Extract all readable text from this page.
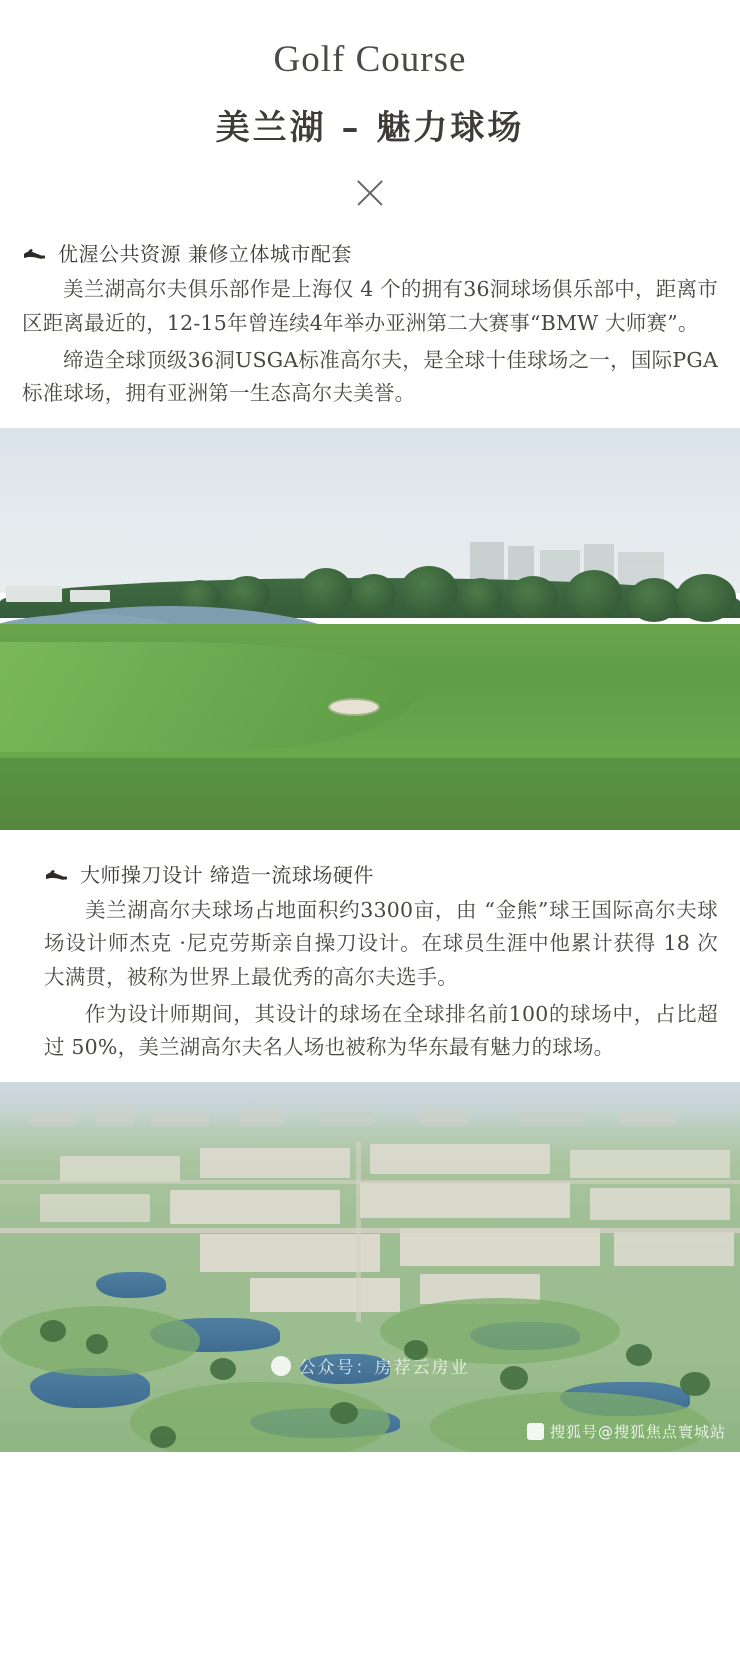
Golf Course
美兰湖 – 魅力球场
优渥公共资源 兼修立体城市配套

美兰湖高尔夫俱乐部作是上海仅 4 个的拥有36洞球场俱乐部中，距离市区距离最近的，12-15年曾连续4年举办亚洲第二大赛事“BMW 大师赛”。

缔造全球顶级36洞USGA标准高尔夫，是全球十佳球场之一，国际PGA标准球场，拥有亚洲第一生态高尔夫美誉。

大师操刀设计 缔造一流球场硬件

美兰湖高尔夫球场占地面积约3300亩，由 “金熊”球王国际高尔夫球场设计师杰克 ·尼克劳斯亲自操刀设计。在球员生涯中他累计获得 18 次大满贯，被称为世界上最优秀的高尔夫选手。

作为设计师期间，其设计的球场在全球排名前100的球场中，占比超过 50%，美兰湖高尔夫名人场也被称为华东最有魅力的球场。

公众号：房荐云房业
搜狐号@搜狐焦点寰城站
